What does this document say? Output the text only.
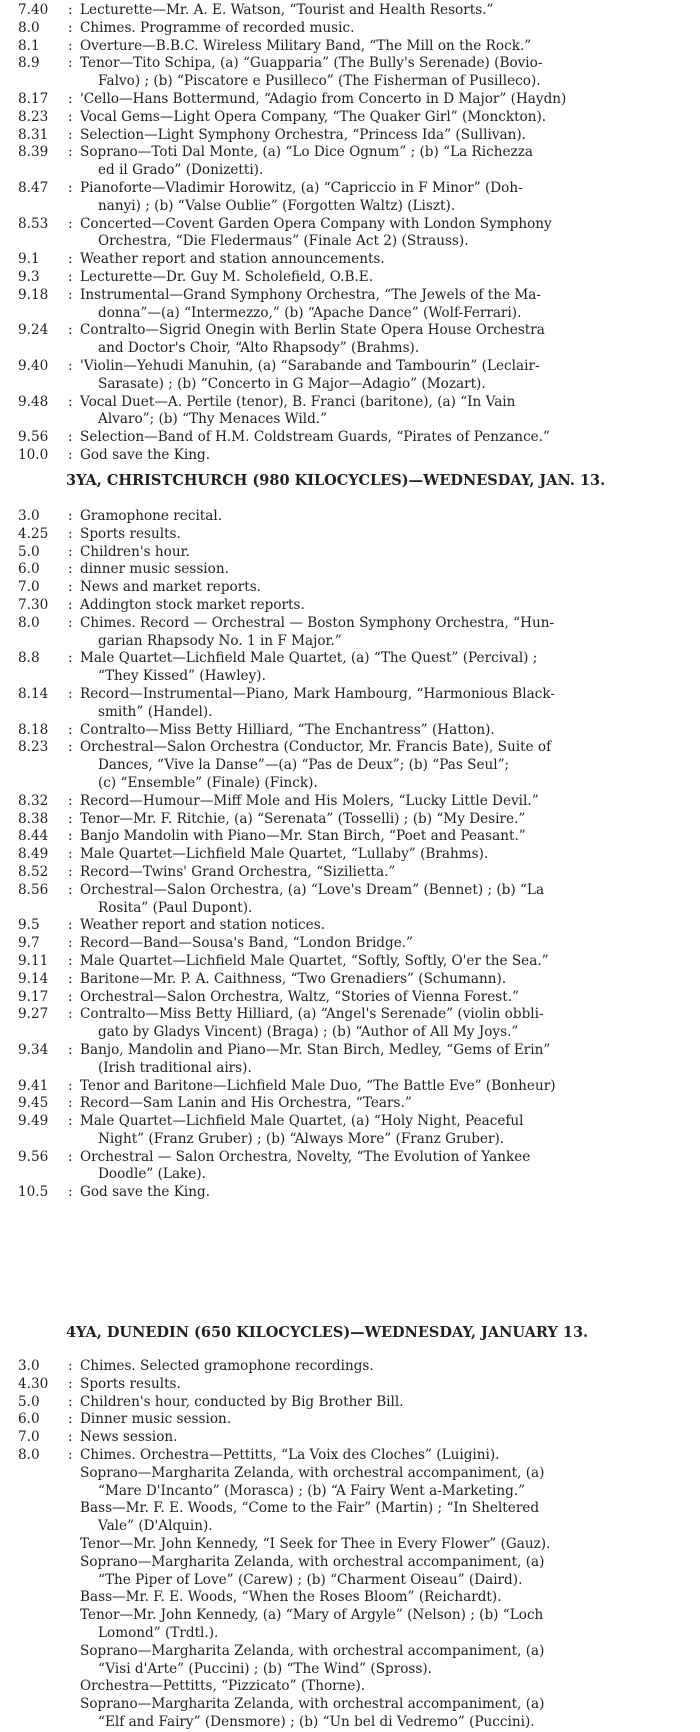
7.40	: Lecturette—Mr. A. E. Watson, “Tourist and Health Resorts.”
8.0	: Chimes. Programme of recorded music.
8.1	: Overture—B.B.C. Wireless Military Band, “The Mill on the Rock.”
8.9	: Tenor—Tito Schipa, (a) “Guapparia” (The Bully's Serenade) (Bovio-
Falvo) ; (b) “Piscatore e Pusilleco” (The Fisherman of Pusilleco).
8.17	: 'Cello—Hans Bottermund, “Adagio from Concerto in D Major” (Haydn)
8.23	: Vocal Gems—Light Opera Company, “The Quaker Girl” (Monckton).
8.31	: Selection—Light Symphony Orchestra, “Princess Ida” (Sullivan).
8.39	: Soprano—Toti Dal Monte, (a) “Lo Dice Ognum” ; (b) “La Richezza
ed il Grado” (Donizetti).
8.47	: Pianoforte—Vladimir Horowitz, (a) “Capriccio in F Minor” (Doh-
nanyi) ; (b) “Valse Oublie” (Forgotten Waltz) (Liszt).
8.53	: Concerted—Covent Garden Opera Company with London Symphony
Orchestra, “Die Fledermaus” (Finale Act 2) (Strauss).
9.1	: Weather report and station announcements.
9.3	: Lecturette—Dr. Guy M. Scholefield, O.B.E.
9.18	: Instrumental—Grand Symphony Orchestra, “The Jewels of the Ma-
donna”—(a) “Intermezzo,” (b) “Apache Dance” (Wolf-Ferrari).
9.24	: Contralto—Sigrid Onegin with Berlin State Opera House Orchestra
and Doctor's Choir, “Alto Rhapsody” (Brahms).
9.40	: 'Violin—Yehudi Manuhin, (a) “Sarabande and Tambourin” (Leclair-
Sarasate) ; (b) “Concerto in G Major—Adagio” (Mozart).
9.48	: Vocal Duet—A. Pertile (tenor), B. Franci (baritone), (a) “In Vain
Alvaro”; (b) “Thy Menaces Wild.”
9.56	: Selection—Band of H.M. Coldstream Guards, “Pirates of Penzance.”
10.0	: God save the King.
3YA, CHRISTCHURCH (980 KILOCYCLES)—WEDNESDAY, JAN. 13.
3.0	: Gramophone recital.
4.25	: Sports results.
5.0	: Children's hour.
6.0	: dinner music session.
7.0	: News and market reports.
7.30	: Addington stock market reports.
8.0	: Chimes. Record — Orchestral — Boston Symphony Orchestra, “Hun-
garian Rhapsody No. 1 in F Major.”
8.8	: Male Quartet—Lichfield Male Quartet, (a) “The Quest” (Percival) ;
“They Kissed” (Hawley).
8.14	: Record—Instrumental—Piano, Mark Hambourg, “Harmonious Black-
smith” (Handel).
8.18	: Contralto—Miss Betty Hilliard, “The Enchantress” (Hatton).
8.23	: Orchestral—Salon Orchestra (Conductor, Mr. Francis Bate), Suite of
Dances, “Vive la Danse”—(a) “Pas de Deux”; (b) “Pas Seul”;
(c) “Ensemble” (Finale) (Finck).
8.32	: Record—Humour—Miff Mole and His Molers, “Lucky Little Devil.”
8.38	: Tenor—Mr. F. Ritchie, (a) “Serenata” (Tosselli) ; (b) “My Desire.”
8.44	: Banjo Mandolin with Piano—Mr. Stan Birch, “Poet and Peasant.”
8.49	: Male Quartet—Lichfield Male Quartet, “Lullaby” (Brahms).
8.52	: Record—Twins' Grand Orchestra, “Sizilietta.”
8.56	: Orchestral—Salon Orchestra, (a) “Love's Dream” (Bennet) ; (b) “La
Rosita” (Paul Dupont).
9.5	: Weather report and station notices.
9.7	: Record—Band—Sousa's Band, “London Bridge.”
9.11	: Male Quartet—Lichfield Male Quartet, “Softly, Softly, O'er the Sea.”
9.14	: Baritone—Mr. P. A. Caithness, “Two Grenadiers” (Schumann).
9.17	: Orchestral—Salon Orchestra, Waltz, “Stories of Vienna Forest.”
9.27	: Contralto—Miss Betty Hilliard, (a) “Angel's Serenade” (violin obbli-
gato by Gladys Vincent) (Braga) ; (b) “Author of All My Joys.”
9.34	: Banjo, Mandolin and Piano—Mr. Stan Birch, Medley, “Gems of Erin”
(Irish traditional airs).
9.41	: Tenor and Baritone—Lichfield Male Duo, “The Battle Eve” (Bonheur)
9.45	: Record—Sam Lanin and His Orchestra, “Tears.”
9.49	: Male Quartet—Lichfield Male Quartet, (a) “Holy Night, Peaceful
Night” (Franz Gruber) ; (b) “Always More” (Franz Gruber).
9.56	: Orchestral — Salon Orchestra, Novelty, “The Evolution of Yankee
Doodle” (Lake).
10.5	: God save the King.
4YA, DUNEDIN (650 KILOCYCLES)—WEDNESDAY, JANUARY 13.
3.0	: Chimes. Selected gramophone recordings.
4.30	: Sports results.
5.0	: Children's hour, conducted by Big Brother Bill.
6.0	: Dinner music session.
7.0	: News session.
8.0	: Chimes. Orchestra—Pettitts, “La Voix des Cloches” (Luigini).
Soprano—Margharita Zelanda, with orchestral accompaniment, (a)
“Mare D'Incanto” (Morasca) ; (b) “A Fairy Went a-Marketing.”
Bass—Mr. F. E. Woods, “Come to the Fair” (Martin) ; “In Sheltered
Vale” (D'Alquin).
Tenor—Mr. John Kennedy, “I Seek for Thee in Every Flower” (Gauz).
Soprano—Margharita Zelanda, with orchestral accompaniment, (a)
“The Piper of Love” (Carew) ; (b) “Charment Oiseau” (Daird).
Bass—Mr. F. E. Woods, “When the Roses Bloom” (Reichardt).
Tenor—Mr. John Kennedy, (a) “Mary of Argyle” (Nelson) ; (b) “Loch
Lomond” (Trdtl.).
Soprano—Margharita Zelanda, with orchestral accompaniment, (a)
“Visi d'Arte” (Puccini) ; (b) “The Wind” (Spross).
Orchestra—Pettitts, “Pizzicato” (Thorne).
Soprano—Margharita Zelanda, with orchestral accompaniment, (a)
“Elf and Fairy” (Densmore) ; (b) “Un bel di Vedremo” (Puccini).
